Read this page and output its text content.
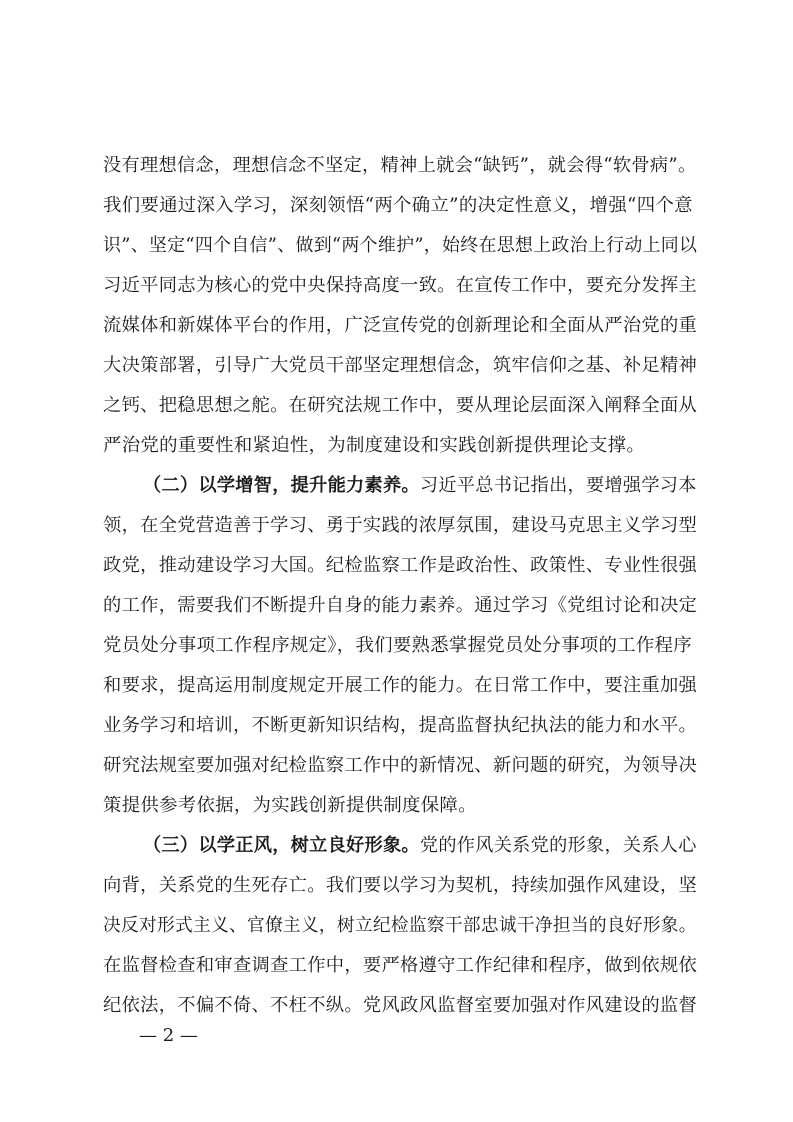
没有理想信念，理想信念不坚定，精神上就会“缺钙”，就会得“软骨病”。
我们要通过深入学习，深刻领悟“两个确立”的决定性意义，增强“四个意
识”、坚定“四个自信”、做到“两个维护”，始终在思想上政治上行动上同以
习近平同志为核心的党中央保持高度一致。在宣传工作中，要充分发挥主
流媒体和新媒体平台的作用，广泛宣传党的创新理论和全面从严治党的重
大决策部署，引导广大党员干部坚定理想信念，筑牢信仰之基、补足精神
之钙、把稳思想之舵。在研究法规工作中，要从理论层面深入阐释全面从
严治党的重要性和紧迫性，为制度建设和实践创新提供理论支撑。
（二）以学增智，提升能力素养。习近平总书记指出，要增强学习本
领，在全党营造善于学习、勇于实践的浓厚氛围，建设马克思主义学习型
政党，推动建设学习大国。纪检监察工作是政治性、政策性、专业性很强
的工作，需要我们不断提升自身的能力素养。通过学习《党组讨论和决定
党员处分事项工作程序规定》，我们要熟悉掌握党员处分事项的工作程序
和要求，提高运用制度规定开展工作的能力。在日常工作中，要注重加强
业务学习和培训，不断更新知识结构，提高监督执纪执法的能力和水平。
研究法规室要加强对纪检监察工作中的新情况、新问题的研究，为领导决
策提供参考依据，为实践创新提供制度保障。
（三）以学正风，树立良好形象。党的作风关系党的形象，关系人心
向背，关系党的生死存亡。我们要以学习为契机，持续加强作风建设，坚
决反对形式主义、官僚主义，树立纪检监察干部忠诚干净担当的良好形象。
在监督检查和审查调查工作中，要严格遵守工作纪律和程序，做到依规依
纪依法，不偏不倚、不枉不纵。党风政风监督室要加强对作风建设的监督
— 2 —
